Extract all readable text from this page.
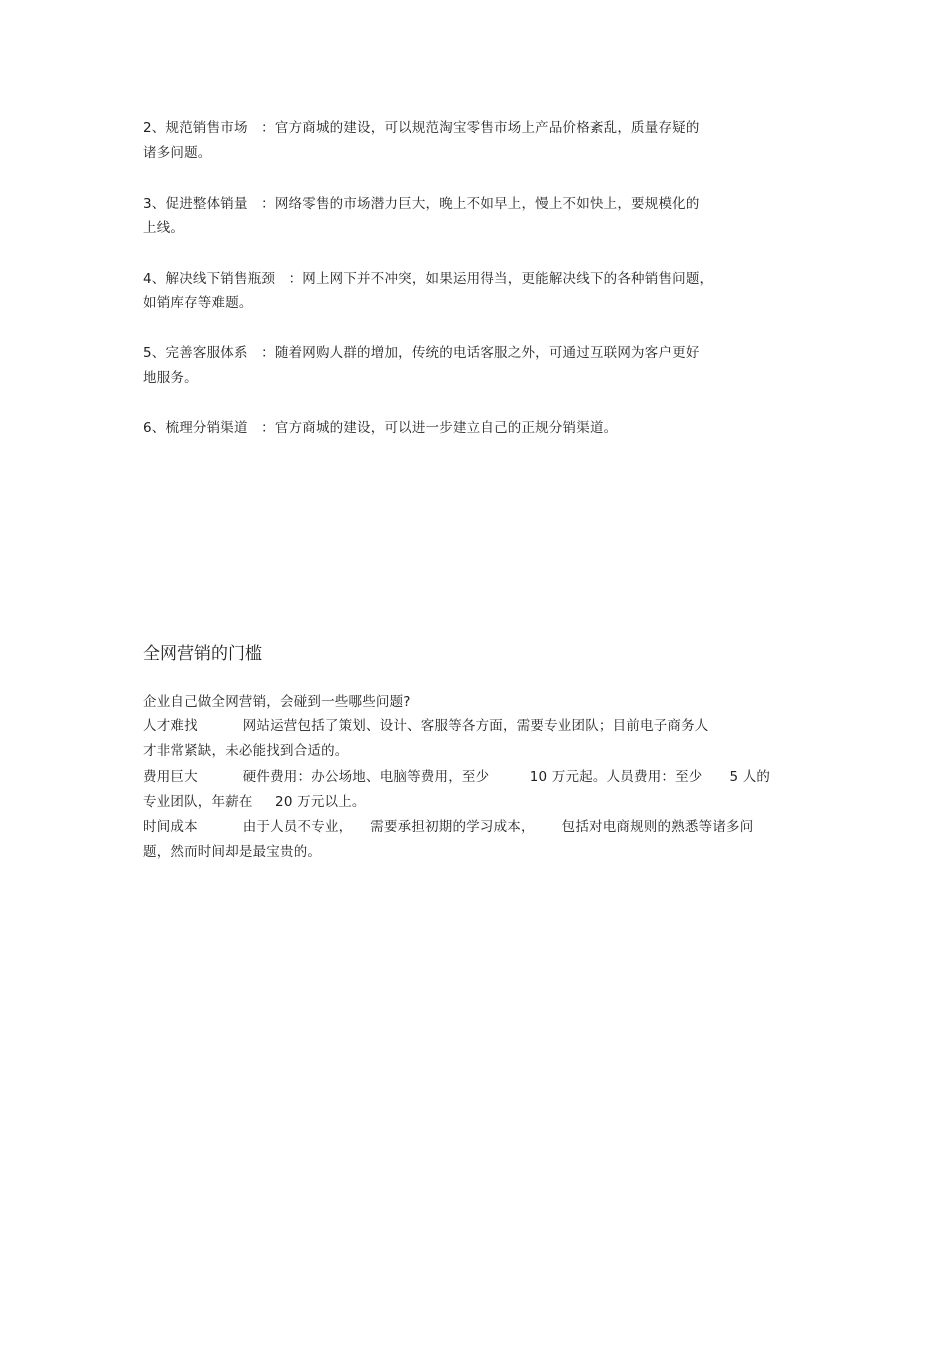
2、规范销售市场   ：官方商城的建设，可以规范淘宝零售市场上产品价格紊乱，质量存疑的
诸多问题。
3、促进整体销量   ：网络零售的市场潜力巨大，晚上不如早上，慢上不如快上，要规模化的
上线。
4、解决线下销售瓶颈   ：网上网下并不冲突，如果运用得当，更能解决线下的各种销售问题，
如销库存等难题。
5、完善客服体系   ：随着网购人群的增加，传统的电话客服之外，可通过互联网为客户更好
地服务。
6、梳理分销渠道   ：官方商城的建设，可以进一步建立自己的正规分销渠道。
全网营销的门槛
企业自己做全网营销，会碰到一些哪些问题?
人才难找          网站运营包括了策划、设计、客服等各方面，需要专业团队；目前电子商务人
才非常紧缺，未必能找到合适的。
费用巨大          硬件费用：办公场地、电脑等费用，至少         10 万元起。人员费用：至少      5 人的
专业团队，年薪在     20 万元以上。
时间成本          由于人员不专业，    需要承担初期的学习成本，      包括对电商规则的熟悉等诸多问
题，然而时间却是最宝贵的。
